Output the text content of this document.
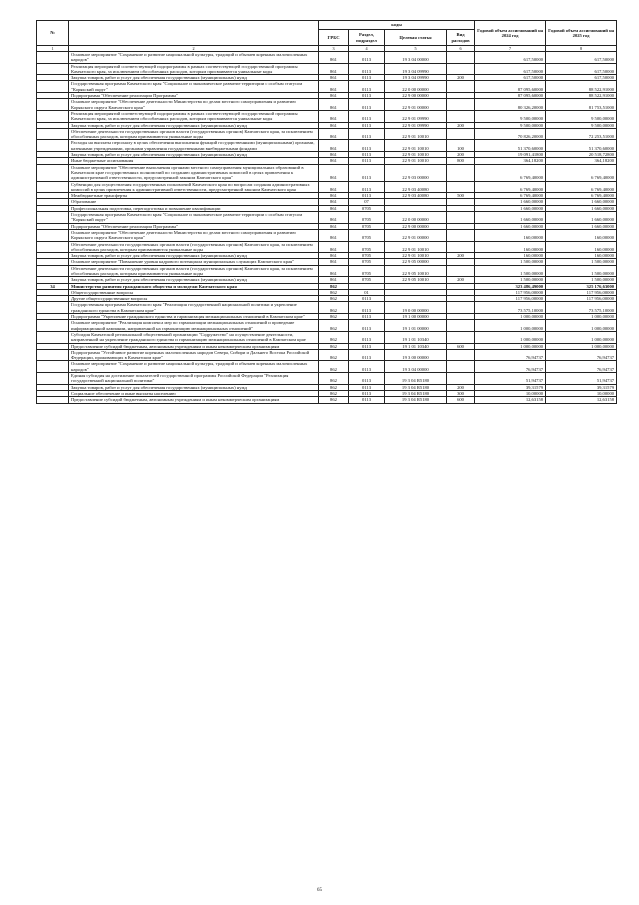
№		коды				Годовой объем ассигнований на 2024 год	Годовой объем ассигнований на 2025 год
		ГРБС	Раздел, подраздел	Целевая статья	Вид расходов		
1	2	3	4	5	6	7	8
	Основное мероприятие "Сохранение и развитие национальной культуры, традиций и обычаев коренных малочисленных народов"	861	0113	19 3 04 00000		617,50000	617,50000
	Реализация мероприятий соответствующей подпрограммы в рамках соответствующей государственной программы Камчатского края, за исключением обособленных расходов, которым присваиваются уникальные коды	861	0113	19 3 04 09990		617,50000	617,50000
	Закупка товаров, работ и услуг для обеспечения государственных (муниципальных) нужд	861	0113	19 3 04 09990	200	617,50000	617,50000
	Государственная программа Камчатского края "Социальное и экономическое развитие территории с особым статусом "Корякский округ"	861	0113	22 0 00 00000		87 095,60000	88 522,91000
	Подпрограмма "Обеспечение реализации Программы"	861	0113	22 9 00 00000		87 095,60000	88 522,91000
	Основное мероприятие "Обеспечение деятельности Министерства по делам местного самоуправления и развитию Корякского округа Камчатского края"	861	0113	22 9 01 00000		80 326,20000	81 753,51000
	Реализация мероприятий соответствующей подпрограммы в рамках соответствующей государственной программы Камчатского края, за исключением обособленных расходов, которым присваиваются уникальные коды	861	0113	22 9 01 09990		9 500,00000	9 500,00000
	Закупка товаров, работ и услуг для обеспечения государственных (муниципальных) нужд	861	0113	22 9 01 09990	200	9 500,00000	9 500,00000
	Обеспечение деятельности государственных органов власти (государственных органов) Камчатского края, за исключением обособленных расходов, которым присваиваются уникальные коды	861	0113	22 9 01 10010		70 826,20000	72 253,51000
	Расходы на выплаты персоналу в целях обеспечения выполнения функций государственными (муниципальными) органами, казенными учреждениями, органами управления государственными внебюджетными фондами	861	0113	22 9 01 10010	100	51 370,60000	51 370,60000
	Закупка товаров, работ и услуг для обеспечения государственных (муниципальных) нужд	861	0113	22 9 01 10010	200	19 091,41800	20 518,72800
	Иные бюджетные ассигнования	861	0113	22 9 01 10010	800	364,18200	364,18200
	Основное мероприятие "Обеспечение выполнения органами местного самоуправления муниципальных образований в Камчатском крае государственных полномочий по созданию административных комиссий в целях привлечения к административной ответственности, предусмотренной законом Камчатского края"	861	0113	22 9 03 00000		6 769,40000	6 769,40000
	Субвенции для осуществления государственных полномочий Камчатского края по вопросам создания административных комиссий в целях привлечения к административной ответственности, предусмотренной законом Камчатского края	861	0113	22 9 03 40080		6 769,40000	6 769,40000
	Межбюджетные трансферты	861	0113	22 9 03 40080	500	6 769,40000	6 769,40000
	Образование	861	07			1 660,00000	1 660,00000
	Профессиональная подготовка, переподготовка и повышение квалификации	861	0705			1 660,00000	1 660,00000
	Государственная программа Камчатского края "Социальное и экономическое развитие территории с особым статусом "Корякский округ"	861	0705	22 0 00 00000		1 660,00000	1 660,00000
	Подпрограмма "Обеспечение реализации Программы"	861	0705	22 9 00 00000		1 660,00000	1 660,00000
	Основное мероприятие "Обеспечение деятельности Министерства по делам местного самоуправления и развитию Корякского округа Камчатского края"	861	0705	22 9 01 00000		160,00000	160,00000
	Обеспечение деятельности государственных органов власти (государственных органов) Камчатского края, за исключением обособленных расходов, которым присваиваются уникальные коды	861	0705	22 9 01 10010		160,00000	160,00000
	Закупка товаров, работ и услуг для обеспечения государственных (муниципальных) нужд	861	0705	22 9 01 10010	200	160,00000	160,00000
	Основное мероприятие "Повышение уровня кадрового потенциала муниципальных служащих Камчатского края"	861	0705	22 9 05 00000		1 500,00000	1 500,00000
	Обеспечение деятельности государственных органов власти (государственных органов) Камчатского края, за исключением обособленных расходов, которым присваиваются уникальные коды	861	0705	22 9 05 10010		1 500,00000	1 500,00000
	Закупка товаров, работ и услуг для обеспечения государственных (муниципальных) нужд	861	0705	22 9 05 10010	200	1 500,00000	1 500,00000
34	Министерство развития гражданского общества и молодежи Камчатского края	862				323 486,49000	325 176,63000
	Общегосударственные вопросы	862	01			117 956,00000	117 956,00000
	Другие общегосударственные вопросы	862	0113			117 956,00000	117 956,00000
	Государственная программа Камчатского края "Реализация государственной национальной политики и укрепление гражданского единства в Камчатском крае"	862	0113	19 0 00 00000		73 575,10000	73 575,10000
	Подпрограмма "Укрепление гражданского единства и гармонизация межнациональных отношений в Камчатском крае"	862	0113	19 1 00 00000		1 000,00000	1 000,00000
	Основное мероприятие "Реализация комплекса мер по гармонизации межнациональных отношений и проведение информационной кампании, направленной на гармонизацию межнациональных отношений"	862	0113	19 1 01 00000		1 000,00000	1 000,00000
	Субсидия Камчатской региональной общественной организации "Содружество" на осуществление деятельности, направленной на укрепление гражданского единства и гармонизацию межнациональных отношений в Камчатском крае	862	0113	19 1 01 10340		1 000,00000	1 000,00000
	Предоставление субсидий бюджетным, автономным учреждениям и иным некоммерческим организациям	862	0113	19 1 01 10340	600	1 000,00000	1 000,00000
	Подпрограмма "Устойчивое развитие коренных малочисленных народов Севера, Сибири и Дальнего Востока Российской Федерации, проживающих в Камчатском крае"	862	0113	19 3 00 00000		76,94737	76,94737
	Основное мероприятие "Сохранение и развитие национальной культуры, традиций и обычаев коренных малочисленных народов"	862	0113	19 3 04 00000		76,94737	76,94737
	Единая субсидия на достижение показателей государственной программы Российской Федерации "Реализация государственной национальной политики"	862	0113	19 3 04 R5180		51,94737	51,94737
	Закупка товаров, работ и услуг для обеспечения государственных (муниципальных) нужд	862	0113	19 3 04 R5180	200	39,31579	39,31579
	Социальное обеспечение и иные выплаты населению	862	0113	19 3 04 R5180	300	10,00000	10,00000
	Предоставление субсидий бюджетным, автономным учреждениям и иным некоммерческим организациям	862	0113	19 3 04 R5180	600	12,63158	12,63158
65
